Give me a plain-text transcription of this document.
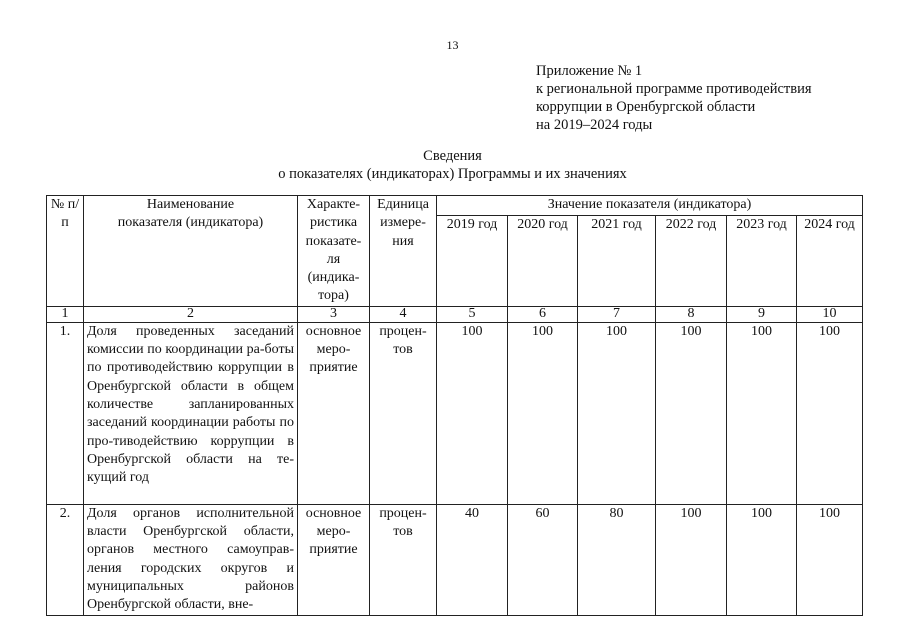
13
Приложение № 1
к региональной программе противодействия
коррупции в Оренбургской области
на 2019–2024 годы
Сведения
о показателях (индикаторах) Программы и их значениях
№ п/п	Наименование показателя (индикатора)	Характе-ристика показате-ля (индика-тора)	Единица измере-ния	Значение показателя (индикатора)					
				2019 год	2020 год	2021 год	2022 год	2023 год	2024 год
1	2	3	4	5	6	7	8	9	10
1.	Доля проведенных заседаний комиссии по координации ра-боты по противодействию коррупции в Оренбургской области в общем количестве запланированных заседаний координации работы по про-тиводействию коррупции в Оренбургской области на те-кущий год	основное меро-приятие	процен-тов	100	100	100	100	100	100
2.	Доля органов исполнительной власти Оренбургской области, органов местного самоуправ-ления городских округов и муниципальных районов Оренбургской области, вне-	основное меро-приятие	процен-тов	40	60	80	100	100	100
